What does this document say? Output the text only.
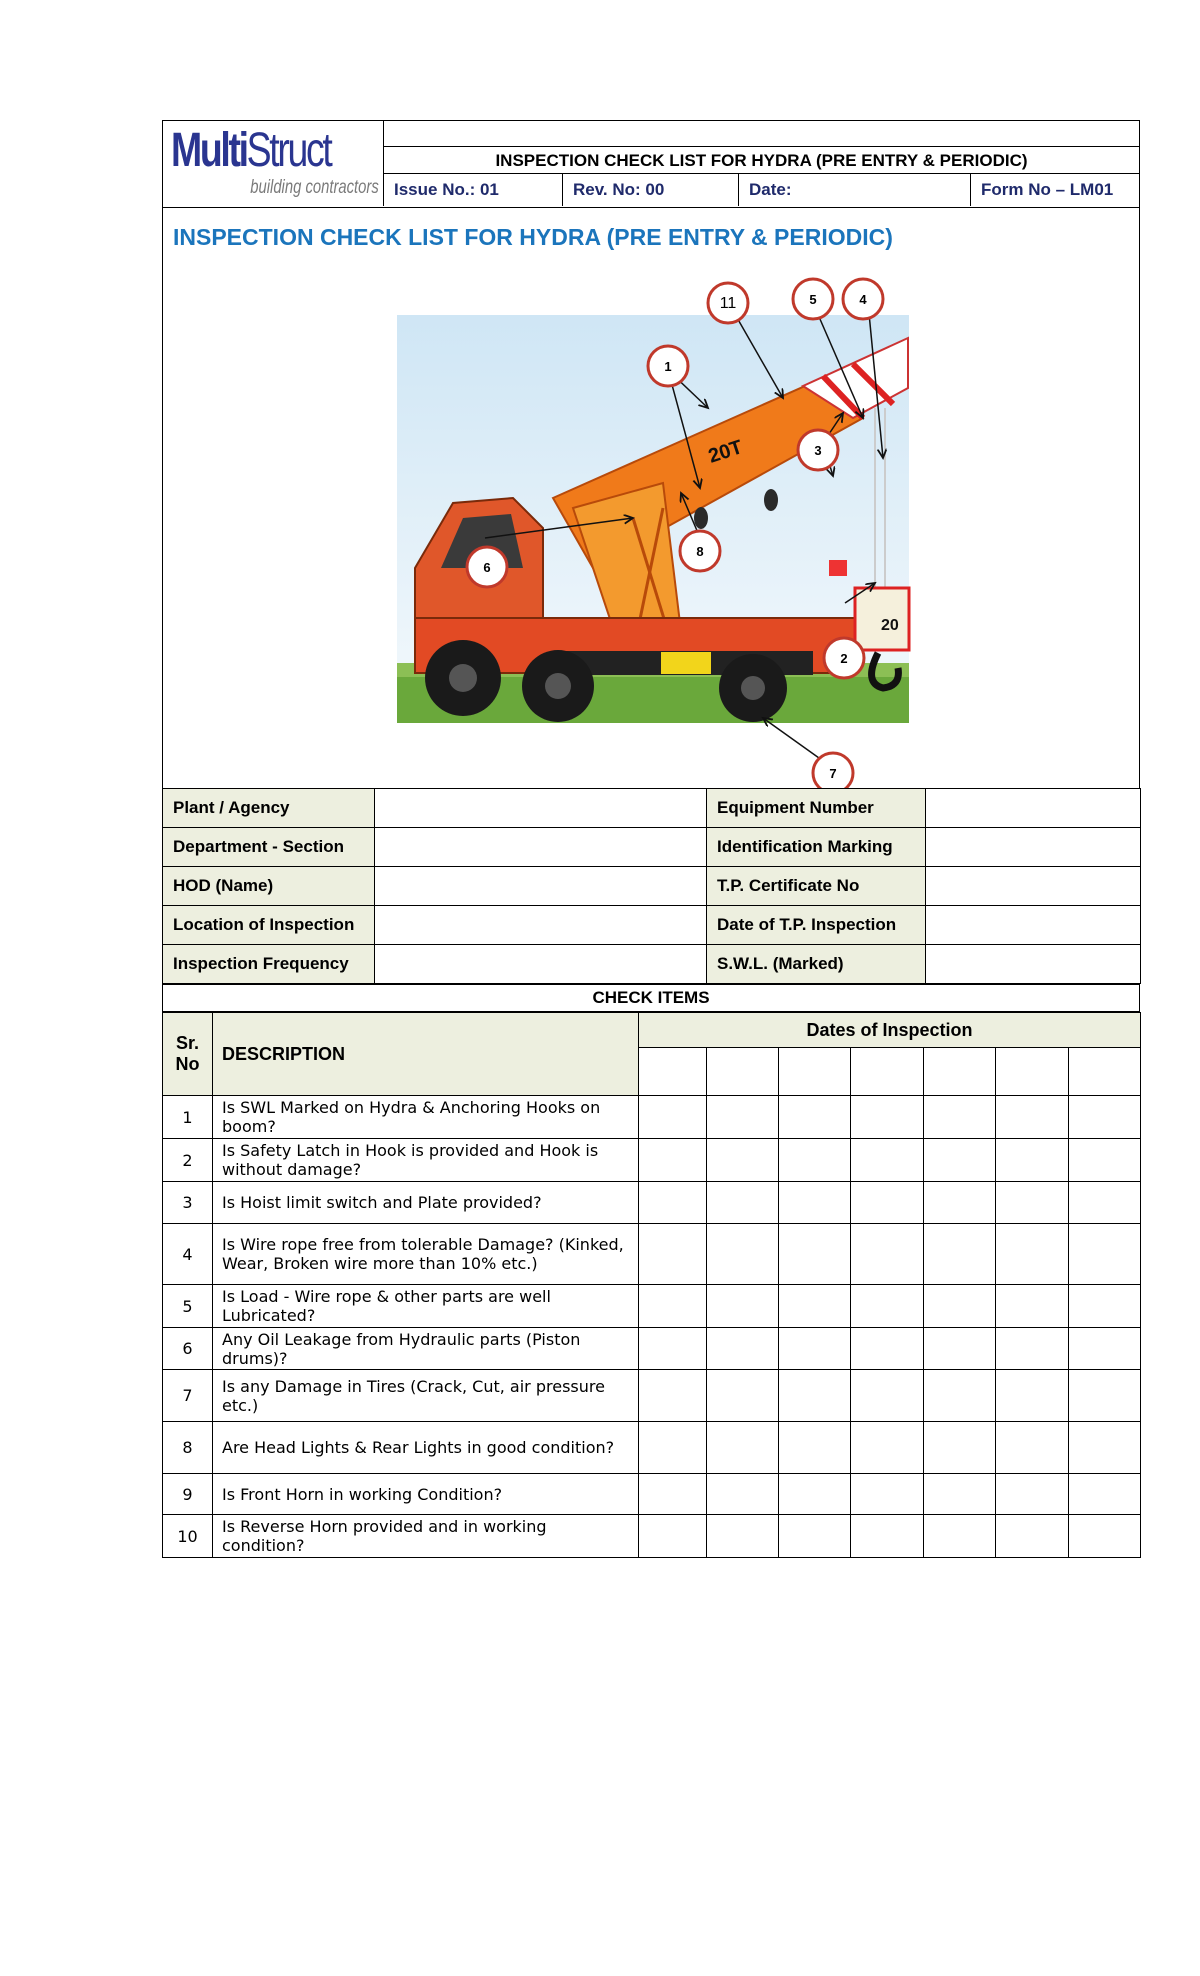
MultiStruct
building contractors
INSPECTION CHECK LIST FOR HYDRA (PRE ENTRY & PERIODIC)
Issue No.: 01	Rev. No: 00	Date:	Form No – LM01
INSPECTION CHECK LIST FOR HYDRA (PRE ENTRY & PERIODIC)
20T
20
11	5	4
1
3
8
6
2
7
Plant / Agency		Equipment Number	
Department - Section		Identification Marking	
HOD (Name)		T.P. Certificate No	
Location of Inspection		Date of T.P. Inspection	
Inspection Frequency		S.W.L. (Marked)	
CHECK ITEMS
Sr. No	DESCRIPTION	Dates of Inspection						

1	Is SWL Marked on Hydra & Anchoring Hooks on boom?							
2	Is Safety Latch in Hook is provided and Hook is without damage?							
3	Is Hoist limit switch and Plate provided?							
4	Is Wire rope free from tolerable Damage? (Kinked, Wear, Broken wire more than 10% etc.)							
5	Is Load - Wire rope & other parts are well Lubricated?							
6	Any Oil Leakage from Hydraulic parts (Piston drums)?							
7	Is any Damage in Tires (Crack, Cut, air pressure etc.)							
8	Are Head Lights & Rear Lights in good condition?							
9	Is Front Horn in working Condition?							
10	Is Reverse Horn provided and in working condition?							
